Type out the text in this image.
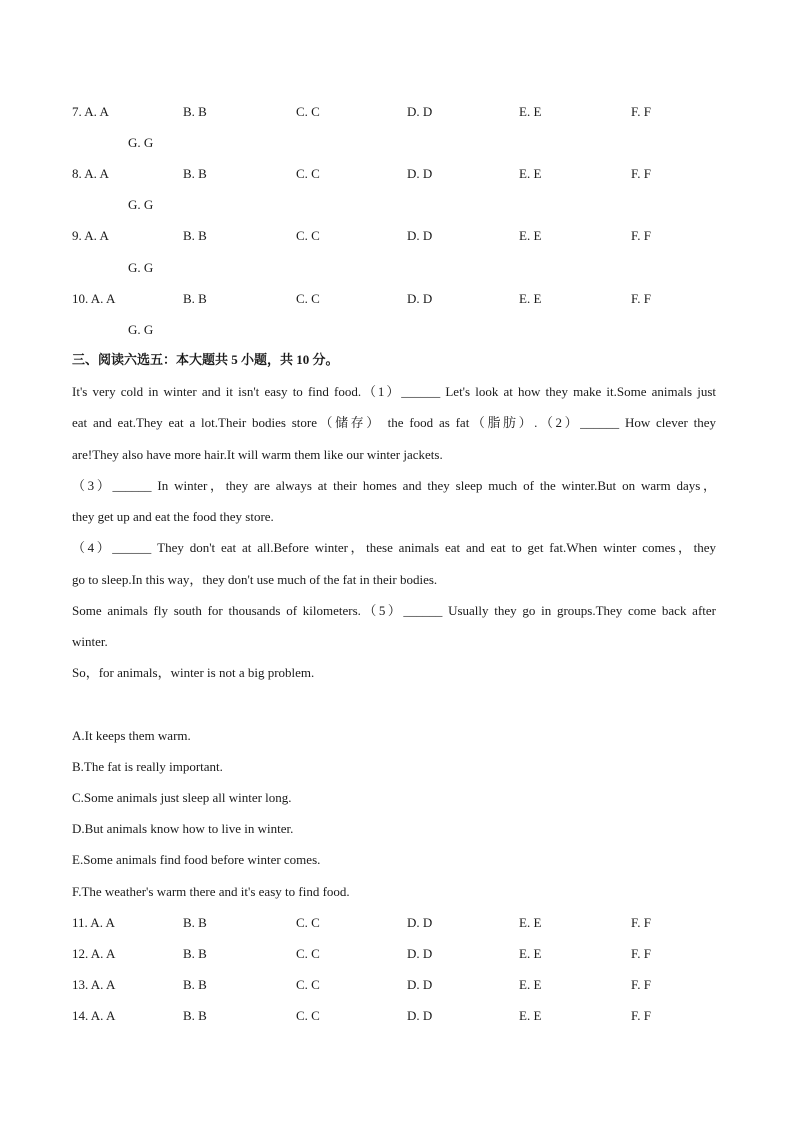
7. A. A	B. B	C. C	D. D	E. E	F. F
G. G
8. A. A	B. B	C. C	D. D	E. E	F. F
G. G
9. A. A	B. B	C. C	D. D	E. E	F. F
G. G
10. A. A	B. B	C. C	D. D	E. E	F. F
G. G
三、阅读六选五：本大题共 5 小题，共 10 分。
It's very cold in winter and it isn't easy to find food.（1）______ Let's look at how they make it.Some animals just
eat and eat.They eat a lot.Their bodies store（储存） the food as fat（脂肪）.（2）______ How clever they
are!They also have more hair.It will warm them like our winter jackets.
（3）______ In winter，they are always at their homes and they sleep much of the winter.But on warm days，
they get up and eat the food they store.
（4）______ They don't eat at all.Before winter，these animals eat and eat to get fat.When winter comes，they
go to sleep.In this way，they don't use much of the fat in their bodies.
Some animals fly south for thousands of kilometers.（5）______ Usually they go in groups.They come back after
winter.
So，for animals，winter is not a big problem.
A.It keeps them warm.
B.The fat is really important.
C.Some animals just sleep all winter long.
D.But animals know how to live in winter.
E.Some animals find food before winter comes.
F.The weather's warm there and it's easy to find food.
11. A. A	B. B	C. C	D. D	E. E	F. F
12. A. A	B. B	C. C	D. D	E. E	F. F
13. A. A	B. B	C. C	D. D	E. E	F. F
14. A. A	B. B	C. C	D. D	E. E	F. F
